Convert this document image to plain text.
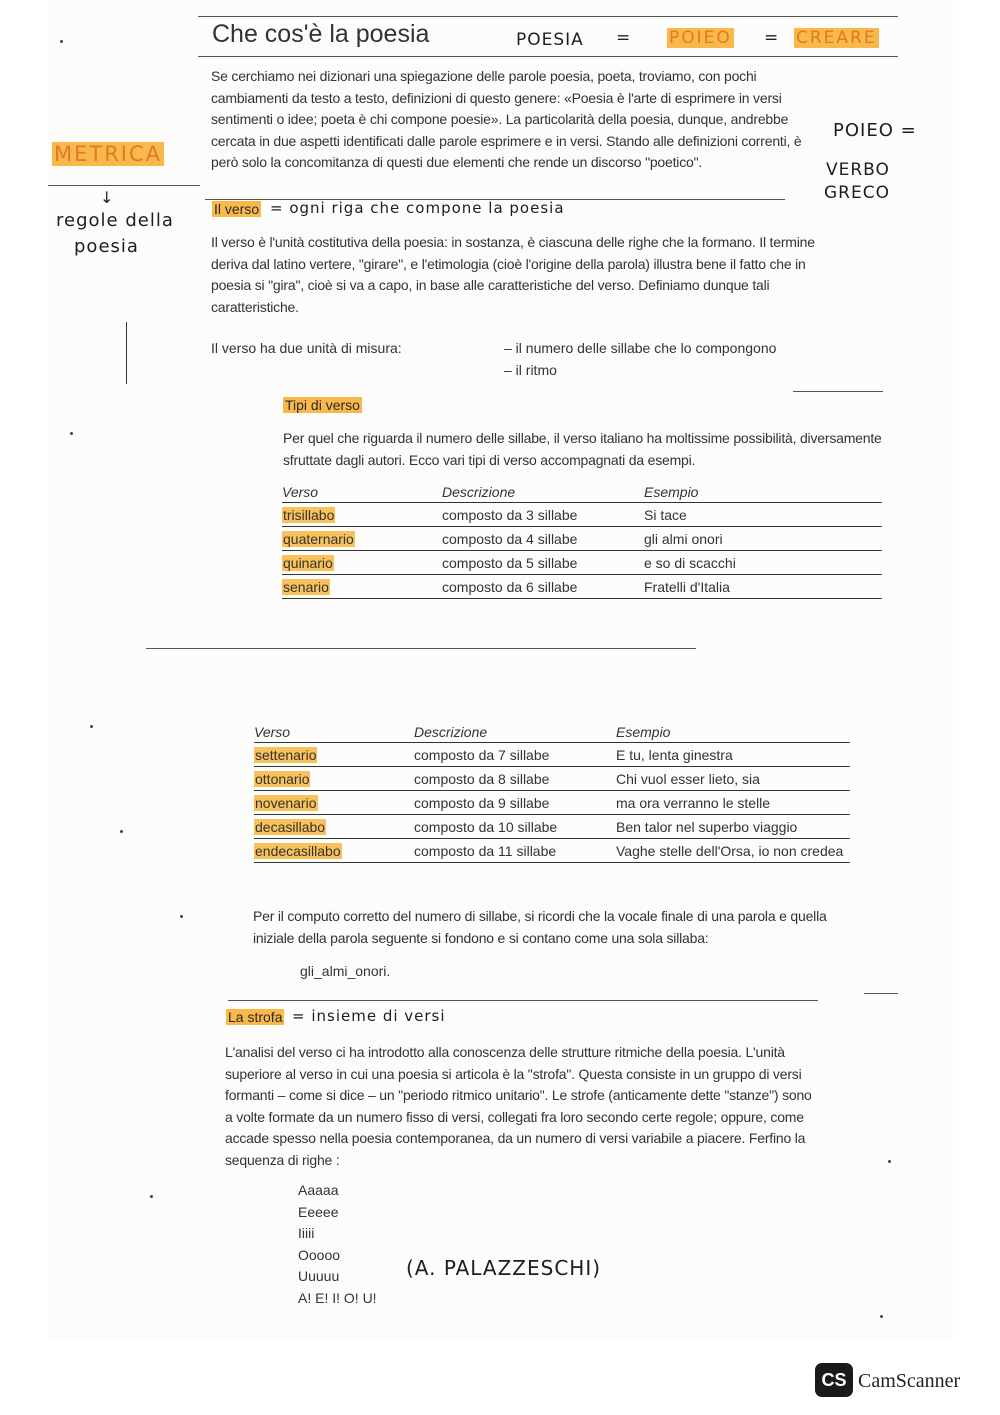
Che cos'è la poesia	POESIA = POIEO = CREARE
Se cerchiamo nei dizionari una spiegazione delle parole poesia, poeta, troviamo, con pochi cambiamenti da testo a testo, definizioni di questo genere: «Poesia è l'arte di esprimere in versi sentimenti o idee; poeta è chi compone poesie». La particolarità della poesia, dunque, andrebbe cercata in due aspetti identificati dalle parole esprimere e in versi. Stando alle definizioni correnti, è però solo la concomitanza di questi due elementi che rende un discorso "poetico".
METRICA
↓
regole della
poesia
POIEO =
VERBO
GRECO
Il verso = ogni riga che compone la poesia
Il verso è l'unità costitutiva della poesia: in sostanza, è ciascuna delle righe che la formano. Il termine deriva dal latino vertere, "girare", e l'etimologia (cioè l'origine della parola) illustra bene il fatto che in poesia si "gira", cioè si va a capo, in base alle caratteristiche del verso. Definiamo dunque tali caratteristiche.
Il verso ha due unità di misura:	– il numero delle sillabe che lo compongono
– il ritmo
Tipi di verso
Per quel che riguarda il numero delle sillabe, il verso italiano ha moltissime possibilità, diversamente sfruttate dagli autori. Ecco vari tipi di verso accompagnati da esempi.
Verso	Descrizione	Esempio
trisillabo	composto da 3 sillabe	Si tace
quaternario	composto da 4 sillabe	gli almi onori
quinario	composto da 5 sillabe	e so di scacchi
senario	composto da 6 sillabe	Fratelli d'Italia
Verso	Descrizione	Esempio
settenario	composto da 7 sillabe	E tu, lenta ginestra
ottonario	composto da 8 sillabe	Chi vuol esser lieto, sia
novenario	composto da 9 sillabe	ma ora verranno le stelle
decasillabo	composto da 10 sillabe	Ben talor nel superbo viaggio
endecasillabo	composto da 11 sillabe	Vaghe stelle dell'Orsa, io non credea
Per il computo corretto del numero di sillabe, si ricordi che la vocale finale di una parola e quella iniziale della parola seguente si fondono e si contano come una sola sillaba:
gli_almi_onori.
La strofa = insieme di versi
L'analisi del verso ci ha introdotto alla conoscenza delle strutture ritmiche della poesia. L'unità superiore al verso in cui una poesia si articola è la "strofa". Questa consiste in un gruppo di versi formanti – come si dice – un "periodo ritmico unitario". Le strofe (anticamente dette "stanze") sono a volte formate da un numero fisso di versi, collegati fra loro secondo certe regole; oppure, come accade spesso nella poesia contemporanea, da un numero di versi variabile a piacere. Ferfino la sequenza di righe :
Aaaaa
Eeeee
Iiiii
Ooooo
Uuuuu
A! E! I! O! U!
(A. PALAZZESCHI)
CS CamScanner
